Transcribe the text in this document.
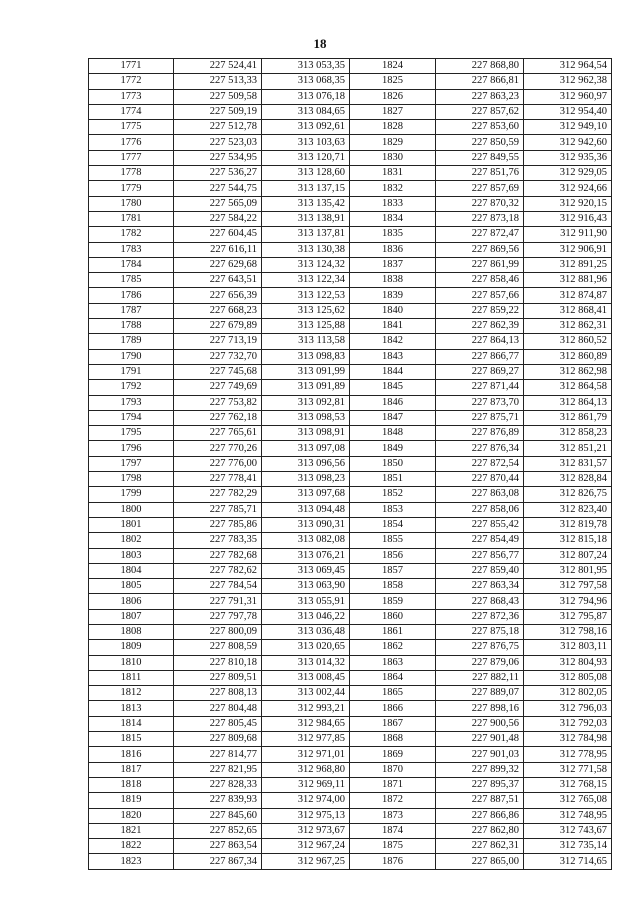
18
1771	227 524,41	313 053,35	1824	227 868,80	312 964,54
1772	227 513,33	313 068,35	1825	227 866,81	312 962,38
1773	227 509,58	313 076,18	1826	227 863,23	312 960,97
1774	227 509,19	313 084,65	1827	227 857,62	312 954,40
1775	227 512,78	313 092,61	1828	227 853,60	312 949,10
1776	227 523,03	313 103,63	1829	227 850,59	312 942,60
1777	227 534,95	313 120,71	1830	227 849,55	312 935,36
1778	227 536,27	313 128,60	1831	227 851,76	312 929,05
1779	227 544,75	313 137,15	1832	227 857,69	312 924,66
1780	227 565,09	313 135,42	1833	227 870,32	312 920,15
1781	227 584,22	313 138,91	1834	227 873,18	312 916,43
1782	227 604,45	313 137,81	1835	227 872,47	312 911,90
1783	227 616,11	313 130,38	1836	227 869,56	312 906,91
1784	227 629,68	313 124,32	1837	227 861,99	312 891,25
1785	227 643,51	313 122,34	1838	227 858,46	312 881,96
1786	227 656,39	313 122,53	1839	227 857,66	312 874,87
1787	227 668,23	313 125,62	1840	227 859,22	312 868,41
1788	227 679,89	313 125,88	1841	227 862,39	312 862,31
1789	227 713,19	313 113,58	1842	227 864,13	312 860,52
1790	227 732,70	313 098,83	1843	227 866,77	312 860,89
1791	227 745,68	313 091,99	1844	227 869,27	312 862,98
1792	227 749,69	313 091,89	1845	227 871,44	312 864,58
1793	227 753,82	313 092,81	1846	227 873,70	312 864,13
1794	227 762,18	313 098,53	1847	227 875,71	312 861,79
1795	227 765,61	313 098,91	1848	227 876,89	312 858,23
1796	227 770,26	313 097,08	1849	227 876,34	312 851,21
1797	227 776,00	313 096,56	1850	227 872,54	312 831,57
1798	227 778,41	313 098,23	1851	227 870,44	312 828,84
1799	227 782,29	313 097,68	1852	227 863,08	312 826,75
1800	227 785,71	313 094,48	1853	227 858,06	312 823,40
1801	227 785,86	313 090,31	1854	227 855,42	312 819,78
1802	227 783,35	313 082,08	1855	227 854,49	312 815,18
1803	227 782,68	313 076,21	1856	227 856,77	312 807,24
1804	227 782,62	313 069,45	1857	227 859,40	312 801,95
1805	227 784,54	313 063,90	1858	227 863,34	312 797,58
1806	227 791,31	313 055,91	1859	227 868,43	312 794,96
1807	227 797,78	313 046,22	1860	227 872,36	312 795,87
1808	227 800,09	313 036,48	1861	227 875,18	312 798,16
1809	227 808,59	313 020,65	1862	227 876,75	312 803,11
1810	227 810,18	313 014,32	1863	227 879,06	312 804,93
1811	227 809,51	313 008,45	1864	227 882,11	312 805,08
1812	227 808,13	313 002,44	1865	227 889,07	312 802,05
1813	227 804,48	312 993,21	1866	227 898,16	312 796,03
1814	227 805,45	312 984,65	1867	227 900,56	312 792,03
1815	227 809,68	312 977,85	1868	227 901,48	312 784,98
1816	227 814,77	312 971,01	1869	227 901,03	312 778,95
1817	227 821,95	312 968,80	1870	227 899,32	312 771,58
1818	227 828,33	312 969,11	1871	227 895,37	312 768,15
1819	227 839,93	312 974,00	1872	227 887,51	312 765,08
1820	227 845,60	312 975,13	1873	227 866,86	312 748,95
1821	227 852,65	312 973,67	1874	227 862,80	312 743,67
1822	227 863,54	312 967,24	1875	227 862,31	312 735,14
1823	227 867,34	312 967,25	1876	227 865,00	312 714,65
